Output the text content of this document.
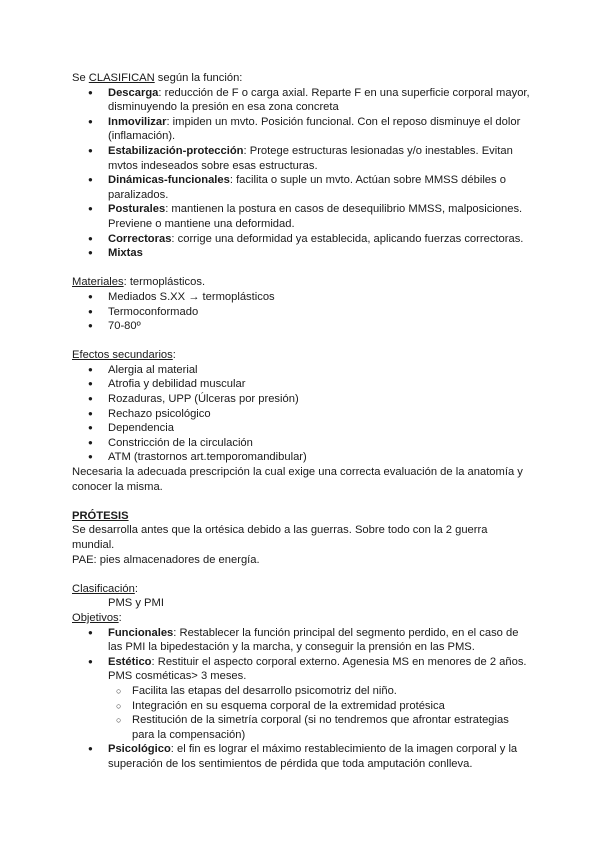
Se CLASIFICAN según la función:

● Descarga: reducción de F o carga axial. Reparte F en una superficie corporal mayor, disminuyendo la presión en esa zona concreta
● Inmovilizar: impiden un mvto. Posición funcional. Con el reposo disminuye el dolor (inflamación).
● Estabilización-protección: Protege estructuras lesionadas y/o inestables. Evitan mvtos indeseados sobre esas estructuras.
● Dinámicas-funcionales: facilita o suple un mvto. Actúan sobre MMSS débiles o paralizados.
● Posturales: mantienen la postura en casos de desequilibrio MMSS, malposiciones. Previene o mantiene una deformidad.
● Correctoras: corrige una deformidad ya establecida, aplicando fuerzas correctoras.
● Mixtas

Materiales: termoplásticos.

● Mediados S.XX → termoplásticos
● Termoconformado
● 70-80º

Efectos secundarios:

● Alergia al material
● Atrofia y debilidad muscular
● Rozaduras, UPP (Úlceras por presión)
● Rechazo psicológico
● Dependencia
● Constricción de la circulación
● ATM (trastornos art.temporomandibular)

Necesaria la adecuada prescripción la cual exige una correcta evaluación de la anatomía y conocer la misma.

PRÓTESIS

Se desarrolla antes que la ortésica debido a las guerras. Sobre todo con la 2 guerra mundial.

PAE: pies almacenadores de energía.

Clasificación:

PMS y PMI

Objetivos:

● Funcionales: Restablecer la función principal del segmento perdido, en el caso de las PMI la bipedestación y la marcha, y conseguir la prensión en las PMS.
● Estético: Restituir el aspecto corporal externo. Agenesia MS en menores de 2 años. PMS cosméticas> 3 meses.
○ Facilita las etapas del desarrollo psicomotriz del niño.
○ Integración en su esquema corporal de la extremidad protésica
○ Restitución de la simetría corporal (si no tendremos que afrontar estrategias para la compensación)
● Psicológico: el fin es lograr el máximo restablecimiento de la imagen corporal y la superación de los sentimientos de pérdida que toda amputación conlleva.
